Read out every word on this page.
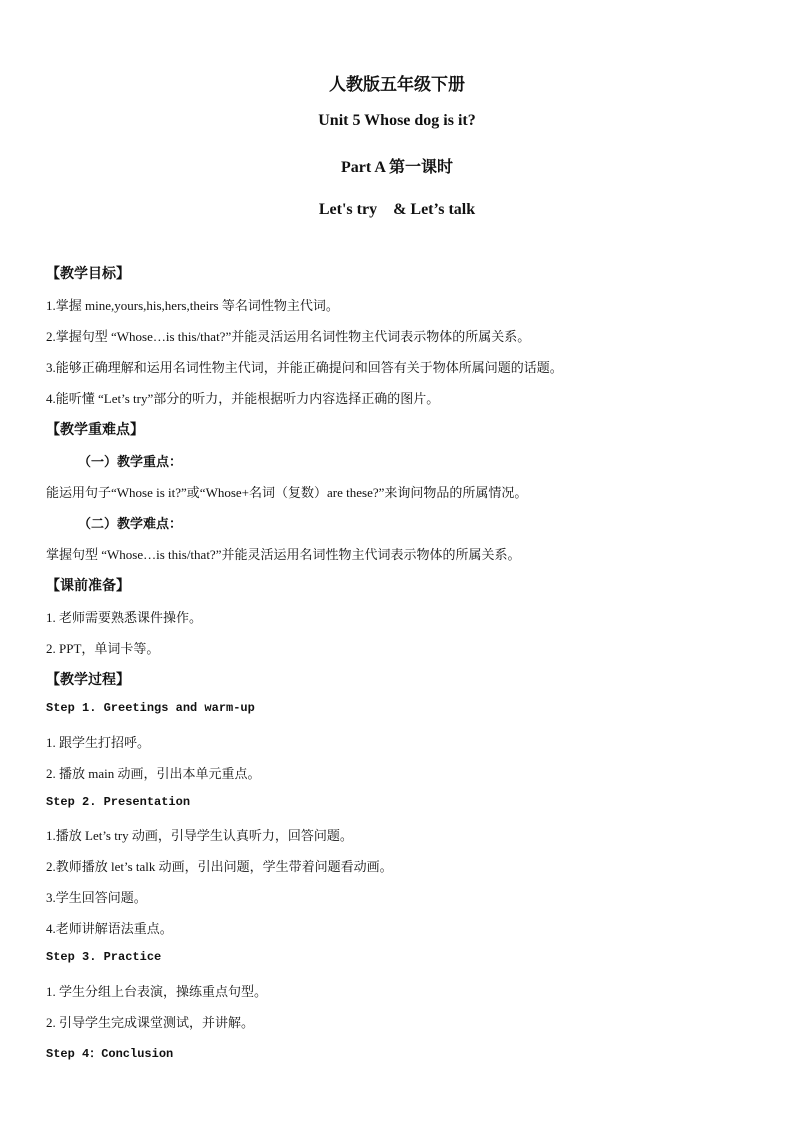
人教版五年级下册
Unit 5 Whose dog is it?
Part A 第一课时
Let's try　& Let’s talk
【教学目标】
1.掌握 mine,yours,his,hers,theirs 等名词性物主代词。
2.掌握句型 “Whose…is this/that?”并能灵活运用名词性物主代词表示物体的所属关系。
3.能够正确理解和运用名词性物主代词，并能正确提问和回答有关于物体所属问题的话题。
4.能听懂 “Let’s try”部分的听力，并能根据听力内容选择正确的图片。
【教学重难点】
（一）教学重点：
能运用句子“Whose is it?”或“Whose+名词（复数）are these?”来询问物品的所属情况。
（二）教学难点：
掌握句型 “Whose…is this/that?”并能灵活运用名词性物主代词表示物体的所属关系。
【课前准备】
1. 老师需要熟悉课件操作。
2. PPT，单词卡等。
【教学过程】
Step 1. Greetings and warm-up
1. 跟学生打招呼。
2. 播放 main 动画，引出本单元重点。
Step 2. Presentation
1.播放 Let’s try 动画，引导学生认真听力，回答问题。
2.教师播放 let’s talk 动画，引出问题，学生带着问题看动画。
3.学生回答问题。
4.老师讲解语法重点。
Step 3. Practice
1. 学生分组上台表演，操练重点句型。
2. 引导学生完成课堂测试，并讲解。
Step 4：Conclusion
